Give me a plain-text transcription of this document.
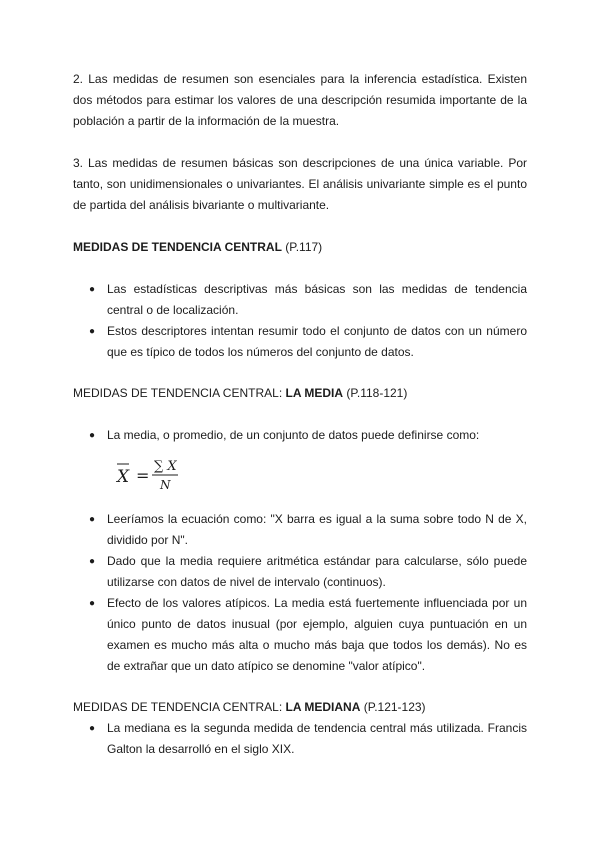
2. Las medidas de resumen son esenciales para la inferencia estadística. Existen dos métodos para estimar los valores de una descripción resumida importante de la población a partir de la información de la muestra.

3. Las medidas de resumen básicas son descripciones de una única variable. Por tanto, son unidimensionales o univariantes. El análisis univariante simple es el punto de partida del análisis bivariante o multivariante.

MEDIDAS DE TENDENCIA CENTRAL (P.117)

● Las estadísticas descriptivas más básicas son las medidas de tendencia central o de localización.
● Estos descriptores intentan resumir todo el conjunto de datos con un número que es típico de todos los números del conjunto de datos.

MEDIDAS DE TENDENCIA CENTRAL: LA MEDIA (P.118-121)

● La media, o promedio, de un conjunto de datos puede definirse como:
X = ∑ X
N
● Leeríamos la ecuación como: "X barra es igual a la suma sobre todo N de X, dividido por N".
● Dado que la media requiere aritmética estándar para calcularse, sólo puede utilizarse con datos de nivel de intervalo (continuos).
● Efecto de los valores atípicos. La media está fuertemente influenciada por un único punto de datos inusual (por ejemplo, alguien cuya puntuación en un examen es mucho más alta o mucho más baja que todos los demás). No es de extrañar que un dato atípico se denomine "valor atípico".

MEDIDAS DE TENDENCIA CENTRAL: LA MEDIANA (P.121-123)

● La mediana es la segunda medida de tendencia central más utilizada. Francis Galton la desarrolló en el siglo XIX.
